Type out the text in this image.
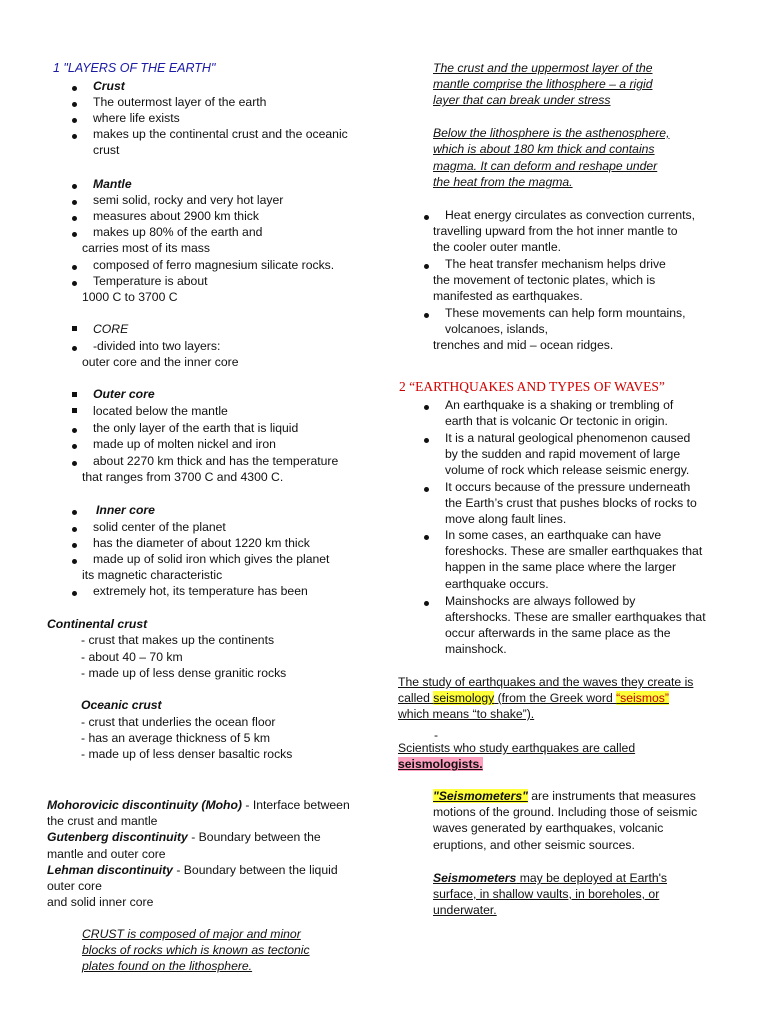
1 "LAYERS OF THE EARTH"
Crust
The outermost layer of the earth
where life exists
makes up the continental crust and the oceanic
crust
Mantle
semi solid, rocky and very hot layer
measures about 2900 km thick
makes up 80% of the earth and
carries most of its mass
composed of ferro magnesium silicate rocks.
Temperature is about
1000 C to 3700 C
CORE
-divided into two layers:
outer core and the inner core
Outer core
located below the mantle
the only layer of the earth that is liquid
made up of molten nickel and iron
about 2270 km thick and has the temperature
that ranges from 3700 C and 4300 C.
Inner core
solid center of the planet
has the diameter of about 1220 km thick
made up of solid iron which gives the planet
its magnetic characteristic
extremely hot, its temperature has been
Continental crust
- crust that makes up the continents
- about 40 – 70 km
- made up of less dense granitic rocks
Oceanic crust
- crust that underlies the ocean floor
- has an average thickness of 5 km
- made up of less denser basaltic rocks
Mohorovicic discontinuity (Moho) - Interface between
the crust and mantle
Gutenberg discontinuity - Boundary between the
mantle and outer core
Lehman discontinuity - Boundary between the liquid
outer core
and solid inner core
CRUST is composed of major and minor
blocks of rocks which is known as tectonic
plates found on the lithosphere.
The crust and the uppermost layer of the
mantle comprise the lithosphere – a rigid
layer that can break under stress
Below the lithosphere is the asthenosphere,
which is about 180 km thick and contains
magma. It can deform and reshape under
the heat from the magma.
Heat energy circulates as convection currents,
travelling upward from the hot inner mantle to
the cooler outer mantle.
The heat transfer mechanism helps drive
the movement of tectonic plates, which is
manifested as earthquakes.
These movements can help form mountains,
volcanoes, islands,
trenches and mid – ocean ridges.
2 “EARTHQUAKES AND TYPES OF WAVES”
An earthquake is a shaking or trembling of
earth that is volcanic Or tectonic in origin.
It is a natural geological phenomenon caused
by the sudden and rapid movement of large
volume of rock which release seismic energy.
It occurs because of the pressure underneath
the Earth’s crust that pushes blocks of rocks to
move along fault lines.
In some cases, an earthquake can have
foreshocks. These are smaller earthquakes that
happen in the same place where the larger
earthquake occurs.
Mainshocks are always followed by
aftershocks. These are smaller earthquakes that
occur afterwards in the same place as the
mainshock.
The study of earthquakes and the waves they create is
called seismology (from the Greek word “seismos”
which means “to shake”).
-
Scientists who study earthquakes are called
seismologists.
"Seismometers" are instruments that measures
motions of the ground. Including those of seismic
waves generated by earthquakes, volcanic
eruptions, and other seismic sources.
Seismometers may be deployed at Earth's
surface, in shallow vaults, in boreholes, or
underwater.
